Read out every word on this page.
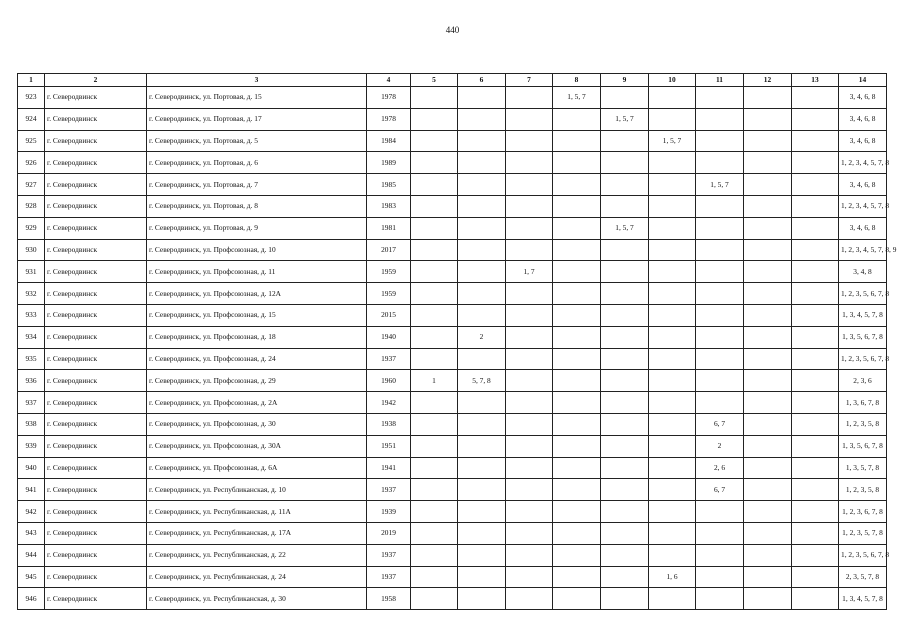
440
1	2	3	4	5	6	7	8	9	10	11	12	13	14
923	г. Северодвинск	г. Северодвинск, ул. Портовая, д. 15	1978				1, 5, 7						3, 4, 6, 8
924	г. Северодвинск	г. Северодвинск, ул. Портовая, д. 17	1978					1, 5, 7					3, 4, 6, 8
925	г. Северодвинск	г. Северодвинск, ул. Портовая, д. 5	1984						1, 5, 7				3, 4, 6, 8
926	г. Северодвинск	г. Северодвинск, ул. Портовая, д. 6	1989										1, 2, 3, 4, 5, 7, 8
927	г. Северодвинск	г. Северодвинск, ул. Портовая, д. 7	1985							1, 5, 7			3, 4, 6, 8
928	г. Северодвинск	г. Северодвинск, ул. Портовая, д. 8	1983										1, 2, 3, 4, 5, 7, 8
929	г. Северодвинск	г. Северодвинск, ул. Портовая, д. 9	1981					1, 5, 7					3, 4, 6, 8
930	г. Северодвинск	г. Северодвинск, ул. Профсоюзная, д. 10	2017										1, 2, 3, 4, 5, 7, 8, 9
931	г. Северодвинск	г. Северодвинск, ул. Профсоюзная, д. 11	1959			1, 7							3, 4, 8
932	г. Северодвинск	г. Северодвинск, ул. Профсоюзная, д. 12А	1959										1, 2, 3, 5, 6, 7, 8
933	г. Северодвинск	г. Северодвинск, ул. Профсоюзная, д. 15	2015										1, 3, 4, 5, 7, 8
934	г. Северодвинск	г. Северодвинск, ул. Профсоюзная, д. 18	1940		2								1, 3, 5, 6, 7, 8
935	г. Северодвинск	г. Северодвинск, ул. Профсоюзная, д. 24	1937										1, 2, 3, 5, 6, 7, 8
936	г. Северодвинск	г. Северодвинск, ул. Профсоюзная, д. 29	1960	1	5, 7, 8								2, 3, 6
937	г. Северодвинск	г. Северодвинск, ул. Профсоюзная, д. 2А	1942										1, 3, 6, 7, 8
938	г. Северодвинск	г. Северодвинск, ул. Профсоюзная, д. 30	1938							6, 7			1, 2, 3, 5, 8
939	г. Северодвинск	г. Северодвинск, ул. Профсоюзная, д. 30А	1951							2			1, 3, 5, 6, 7, 8
940	г. Северодвинск	г. Северодвинск, ул. Профсоюзная, д. 6А	1941							2, 6			1, 3, 5, 7, 8
941	г. Северодвинск	г. Северодвинск, ул. Республиканская, д. 10	1937							6, 7			1, 2, 3, 5, 8
942	г. Северодвинск	г. Северодвинск, ул. Республиканская, д. 11А	1939										1, 2, 3, 6, 7, 8
943	г. Северодвинск	г. Северодвинск, ул. Республиканская, д. 17А	2019										1, 2, 3, 5, 7, 8
944	г. Северодвинск	г. Северодвинск, ул. Республиканская, д. 22	1937										1, 2, 3, 5, 6, 7, 8
945	г. Северодвинск	г. Северодвинск, ул. Республиканская, д. 24	1937						1, 6				2, 3, 5, 7, 8
946	г. Северодвинск	г. Северодвинск, ул. Республиканская, д. 30	1958										1, 3, 4, 5, 7, 8
